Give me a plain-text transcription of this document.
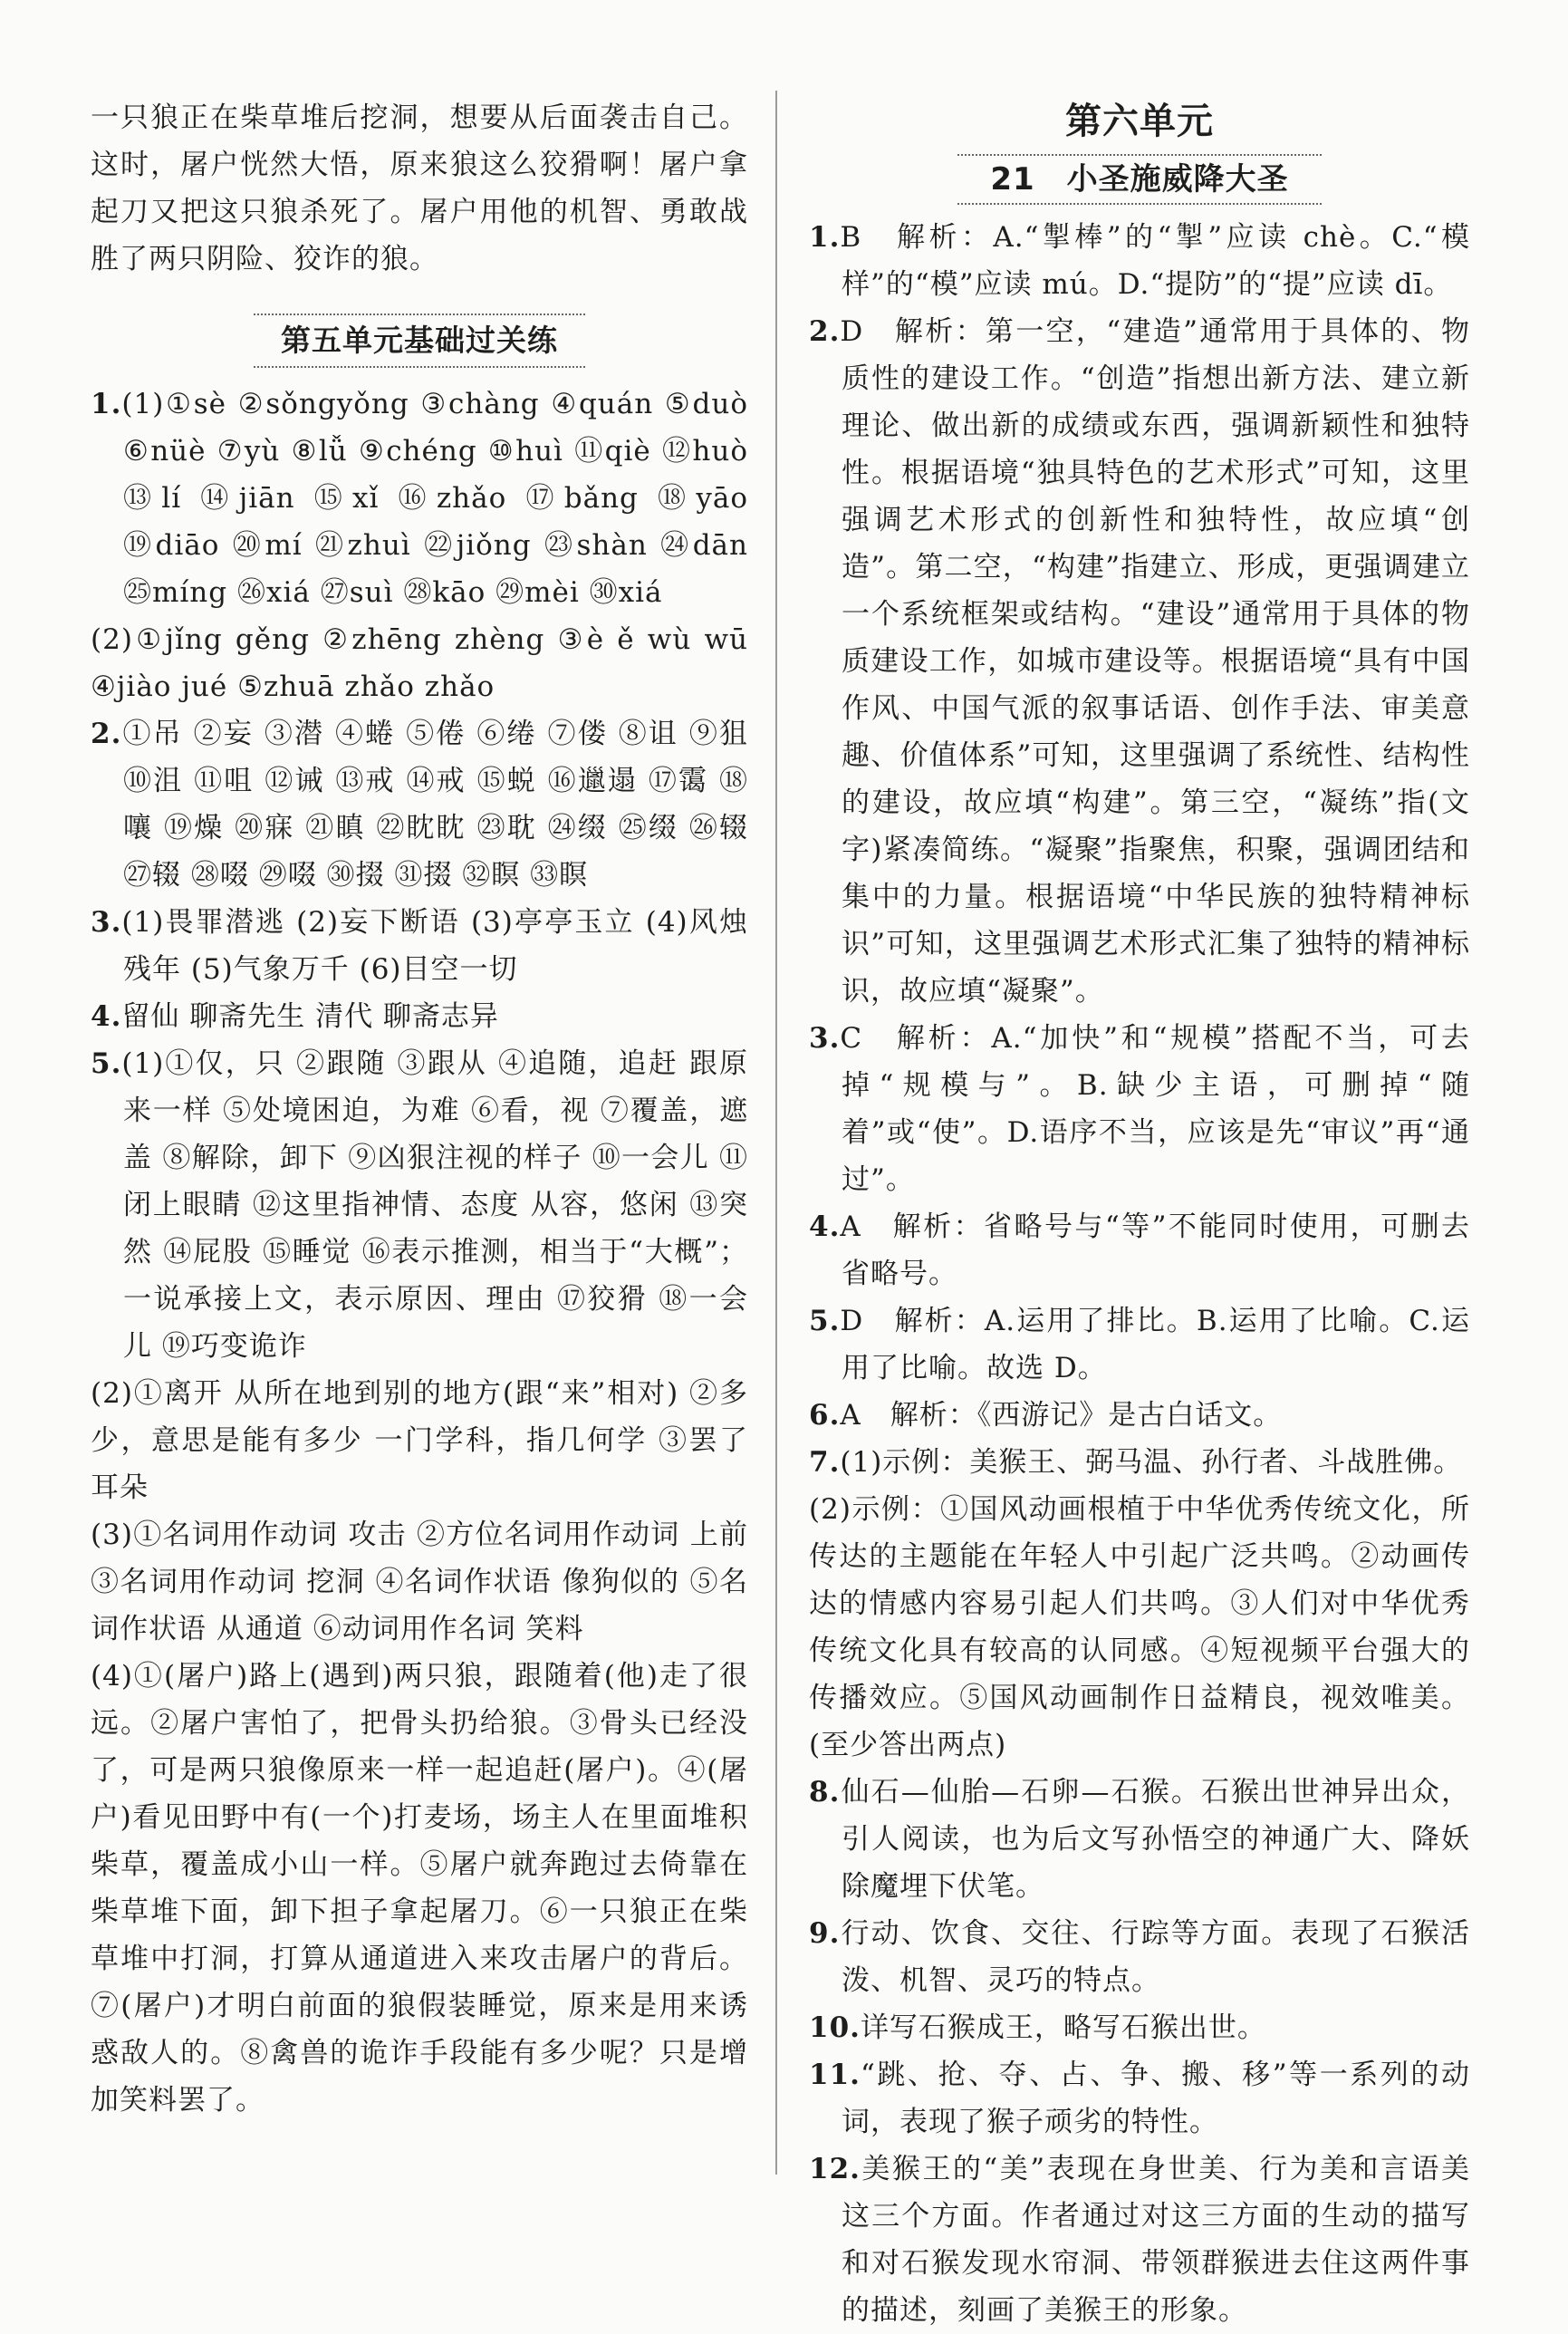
一只狼正在柴草堆后挖洞，想要从后面袭击自己。这时，屠户恍然大悟，原来狼这么狡猾啊！屠户拿起刀又把这只狼杀死了。屠户用他的机智、勇敢战胜了两只阴险、狡诈的狼。

第五单元基础过关练

1.(1)①sè ②sǒngyǒng ③chàng ④quán ⑤duò ⑥nüè ⑦yù ⑧lǚ ⑨chéng ⑩huì ⑪qiè ⑫huò ⑬lí ⑭jiān ⑮xǐ ⑯zhǎo ⑰bǎng ⑱yāo ⑲diāo ⑳mí ㉑zhuì ㉒jiǒng ㉓shàn ㉔dān ㉕míng ㉖xiá ㉗suì ㉘kāo ㉙mèi ㉚xiá

(2)①jǐng gěng ②zhēng zhèng ③è ě wù wū ④jiào jué ⑤zhuā zhǎo zhǎo

2.①吊 ②妄 ③潜 ④蜷 ⑤倦 ⑥绻 ⑦偻 ⑧诅 ⑨狙 ⑩沮 ⑪咀 ⑫诫 ⑬戒 ⑭戒 ⑮蜕 ⑯邋遢 ⑰霭 ⑱嚷 ⑲燥 ⑳寐 ㉑瞋 ㉒眈眈 ㉓耽 ㉔缀 ㉕缀 ㉖辍 ㉗辍 ㉘啜 ㉙啜 ㉚掇 ㉛掇 ㉜瞑 ㉝瞑

3.(1)畏罪潜逃 (2)妄下断语 (3)亭亭玉立 (4)风烛残年 (5)气象万千 (6)目空一切

4.留仙 聊斋先生 清代 聊斋志异

5.(1)①仅，只 ②跟随 ③跟从 ④追随，追赶 跟原来一样 ⑤处境困迫，为难 ⑥看，视 ⑦覆盖，遮盖 ⑧解除，卸下 ⑨凶狠注视的样子 ⑩一会儿 ⑪闭上眼睛 ⑫这里指神情、态度 从容，悠闲 ⑬突然 ⑭屁股 ⑮睡觉 ⑯表示推测，相当于“大概”；一说承接上文，表示原因、理由 ⑰狡猾 ⑱一会儿 ⑲巧变诡诈

(2)①离开 从所在地到别的地方(跟“来”相对) ②多少，意思是能有多少 一门学科，指几何学 ③罢了 耳朵

(3)①名词用作动词 攻击 ②方位名词用作动词 上前 ③名词用作动词 挖洞 ④名词作状语 像狗似的 ⑤名词作状语 从通道 ⑥动词用作名词 笑料

(4)①(屠户)路上(遇到)两只狼，跟随着(他)走了很远。②屠户害怕了，把骨头扔给狼。③骨头已经没了，可是两只狼像原来一样一起追赶(屠户)。④(屠户)看见田野中有(一个)打麦场，场主人在里面堆积柴草，覆盖成小山一样。⑤屠户就奔跑过去倚靠在柴草堆下面，卸下担子拿起屠刀。⑥一只狼正在柴草堆中打洞，打算从通道进入来攻击屠户的背后。⑦(屠户)才明白前面的狼假装睡觉，原来是用来诱惑敌人的。⑧禽兽的诡诈手段能有多少呢？只是增加笑料罢了。

第六单元
21　小圣施威降大圣

1.B　解析：A.“掣棒”的“掣”应读 chè。C.“模样”的“模”应读 mú。D.“提防”的“提”应读 dī。

2.D　解析：第一空，“建造”通常用于具体的、物质性的建设工作。“创造”指想出新方法、建立新理论、做出新的成绩或东西，强调新颖性和独特性。根据语境“独具特色的艺术形式”可知，这里强调艺术形式的创新性和独特性，故应填“创造”。第二空，“构建”指建立、形成，更强调建立一个系统框架或结构。“建设”通常用于具体的物质建设工作，如城市建设等。根据语境“具有中国作风、中国气派的叙事话语、创作手法、审美意趣、价值体系”可知，这里强调了系统性、结构性的建设，故应填“构建”。第三空，“凝练”指(文字)紧凑简练。“凝聚”指聚焦，积聚，强调团结和集中的力量。根据语境“中华民族的独特精神标识”可知，这里强调艺术形式汇集了独特的精神标识，故应填“凝聚”。

3.C　解析：A.“加快”和“规模”搭配不当，可去掉“规模与”。B.缺少主语，可删掉“随着”或“使”。D.语序不当，应该是先“审议”再“通过”。

4.A　解析：省略号与“等”不能同时使用，可删去省略号。

5.D　解析：A.运用了排比。B.运用了比喻。C.运用了比喻。故选 D。

6.A　解析：《西游记》是古白话文。

7.(1)示例：美猴王、弼马温、孙行者、斗战胜佛。

(2)示例：①国风动画根植于中华优秀传统文化，所传达的主题能在年轻人中引起广泛共鸣。②动画传达的情感内容易引起人们共鸣。③人们对中华优秀传统文化具有较高的认同感。④短视频平台强大的传播效应。⑤国风动画制作日益精良，视效唯美。(至少答出两点)

8.仙石—仙胎—石卵—石猴。石猴出世神异出众，引人阅读，也为后文写孙悟空的神通广大、降妖除魔埋下伏笔。

9.行动、饮食、交往、行踪等方面。表现了石猴活泼、机智、灵巧的特点。

10.详写石猴成王，略写石猴出世。

11.“跳、抢、夺、占、争、搬、移”等一系列的动词，表现了猴子顽劣的特性。

12.美猴王的“美”表现在身世美、行为美和言语美这三个方面。作者通过对这三方面的生动的描写和对石猴发现水帘洞、带领群猴进去住这两件事的描述，刻画了美猴王的形象。
